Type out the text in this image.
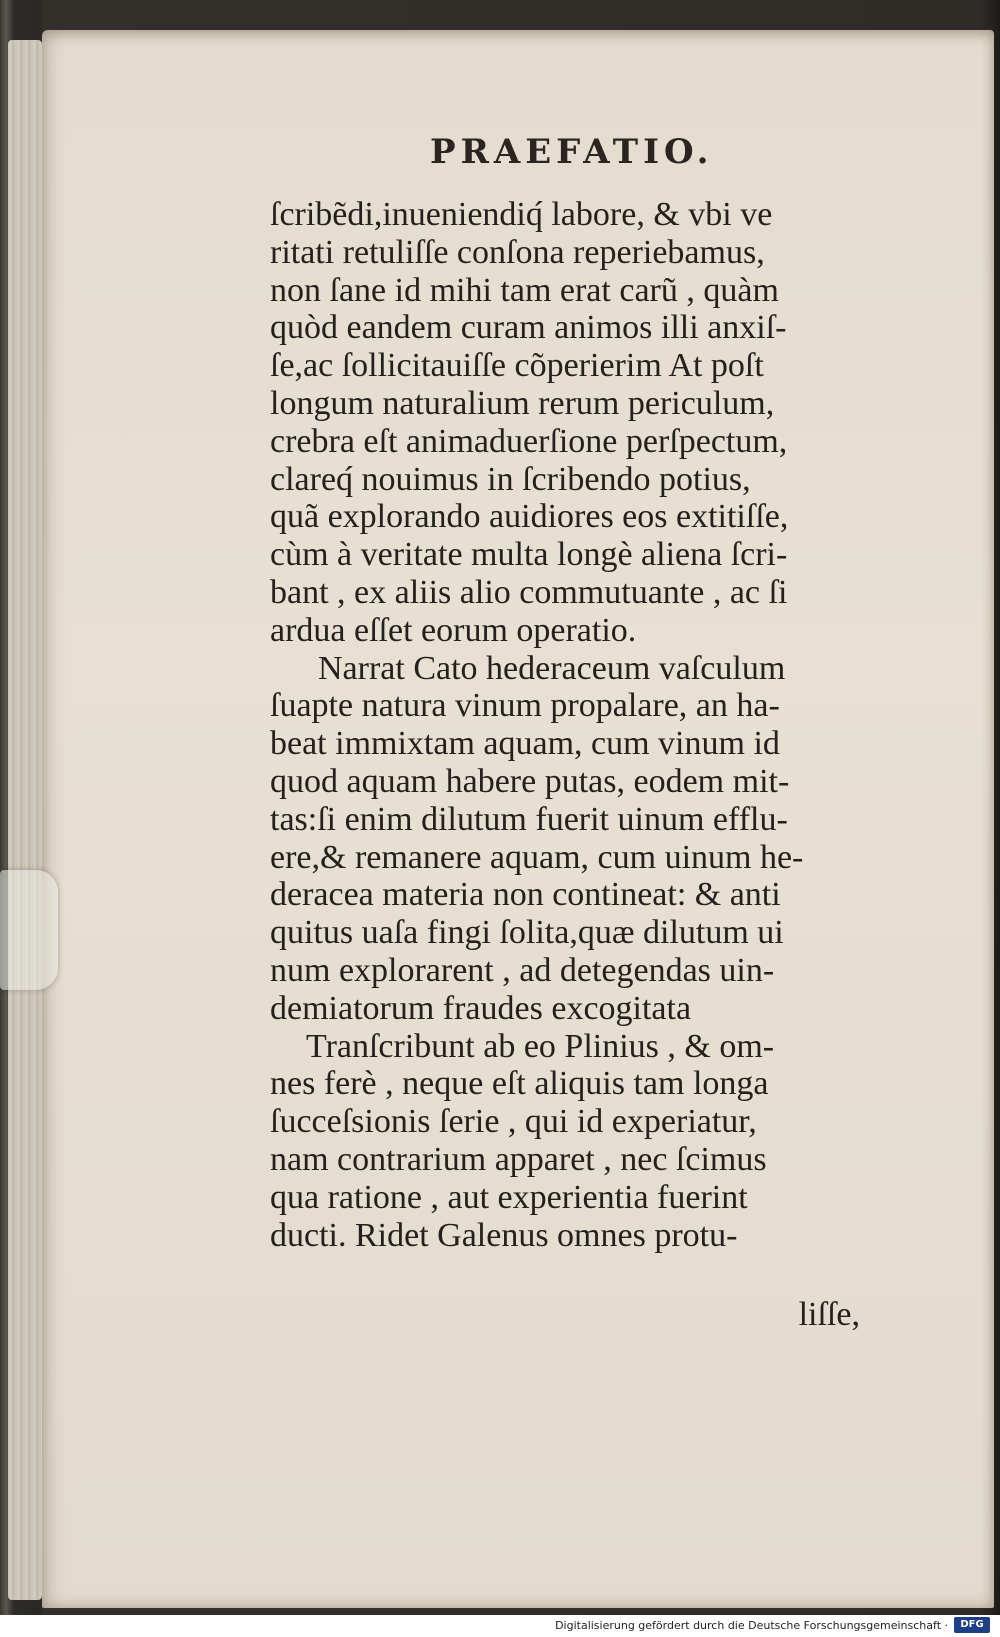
PRAEFATIO.

ſcribẽdi,inueniendiq́ labore, & vbi ve

ritati retuliſſe conſona reperiebamus,

non ſane id mihi tam erat carũ , quàm

quòd eandem curam animos illi anxiſ-

ſe,ac ſollicitauiſſe cõperierim At poſt

longum naturalium rerum periculum,

crebra eſt animaduerſione perſpectum,

clareq́ nouimus in ſcribendo potius,

quã explorando auidiores eos extitiſſe,

cùm à veritate multa longè aliena ſcri-

bant , ex aliis alio commutuante , ac ſi

ardua eſſet eorum operatio.

Narrat Cato hederaceum vaſculum

ſuapte natura vinum propalare, an ha-

beat immixtam aquam, cum vinum id

quod aquam habere putas, eodem mit-

tas:ſi enim dilutum fuerit uinum efflu-

ere,& remanere aquam, cum uinum he-

deracea materia non contineat: & anti

quitus uaſa fingi ſolita,quæ dilutum ui

num explorarent , ad detegendas uin-

demiatorum fraudes excogitata

Tranſcribunt ab eo Plinius , & om-

nes ferè , neque eſt aliquis tam longa

ſucceſsionis ſerie , qui id experiatur,

nam contrarium apparet , nec ſcimus

qua ratione , aut experientia fuerint

ducti. Ridet Galenus omnes protu-

liſſe,

Digitalisierung gefördert durch die Deutsche Forschungsgemeinschaft ·	DFG
